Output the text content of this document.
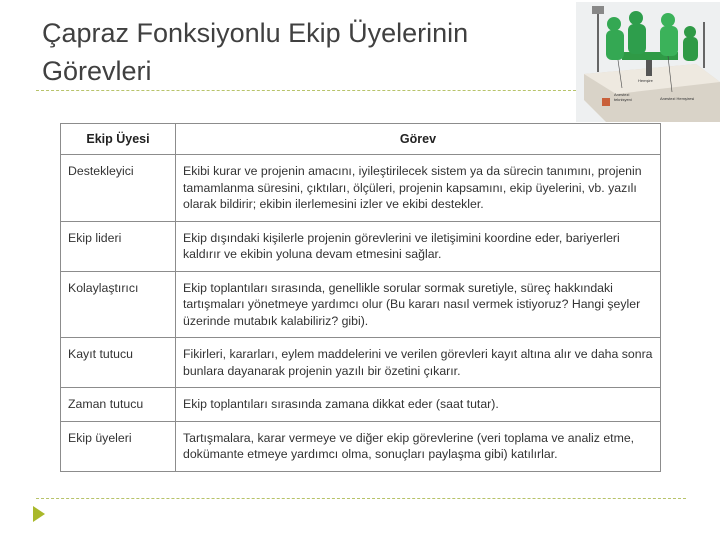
Çapraz Fonksiyonlu Ekip Üyelerinin Görevleri	Hemşire
Anestezi teknisyeni	Anestezi Hemşiresi
Ekip Üyesi	Görev
Destekleyici	Ekibi kurar ve projenin amacını, iyileştirilecek sistem ya da sürecin tanımını, projenin tamamlanma süresini, çıktıları, ölçüleri, projenin kapsamını, ekip üyelerini, vb. yazılı olarak bildirir; ekibin ilerlemesini izler ve ekibi destekler.
Ekip lideri	Ekip dışındaki kişilerle projenin görevlerini ve iletişimini koordine eder, bariyerleri kaldırır ve ekibin yoluna devam etmesini sağlar.
Kolaylaştırıcı	Ekip toplantıları sırasında, genellikle sorular sormak suretiyle, süreç hakkındaki tartışmaları yönetmeye yardımcı olur (Bu kararı nasıl vermek istiyoruz? Hangi şeyler üzerinde mutabık kalabiliriz? gibi).
Kayıt tutucu	Fikirleri, kararları, eylem maddelerini ve verilen görevleri kayıt altına alır ve daha sonra bunlara dayanarak projenin yazılı bir özetini çıkarır.
Zaman tutucu	Ekip toplantıları sırasında zamana dikkat eder (saat tutar).
Ekip üyeleri	Tartışmalara, karar vermeye ve diğer ekip görevlerine (veri toplama ve analiz etme, dokümante etmeye yardımcı olma, sonuçları paylaşma gibi) katılırlar.
